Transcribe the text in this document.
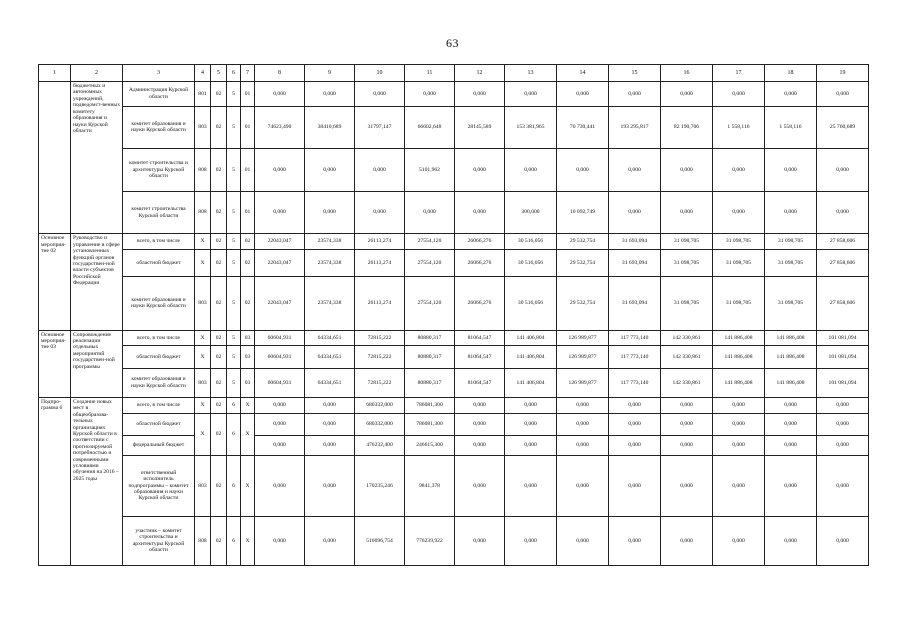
63
1	2	3	4	5	6	7	8	9	10	11	12	13	14	15	16	17	18	19
	бюджетных и автономных учреждений, подведомст-венных комитету образования и науки Курской области	Администрация Курской области	801	02	5	01	0,000	0,000	0,000	0,000	0,000	0,000	0,000	0,000	0,000	0,000	0,000	0,000
		комитет образования и науки Курской области	803	02	5	01	74623,490	38410,689	31797,147	66602,648	28145,589	153 381,965	70 730,441	193 295,817	82 190,706	1 558,116	1 558,116	25 760,689
		комитет строительства и архитектуры Курской области	808	02	5	01	0,000	0,000	0,000	5101,962	0,000	0,000	0,000	0,000	0,000	0,000	0,000	0,000
		комитет строительства Курской области	808	02	5	01	0,000	0,000	0,000	0,000	0,000	300,000	10 092,749	0,000	0,000	0,000	0,000	0,000
Основное мероприя-тие 02	Руководство и управление в сфере установленных функций органов государствен-ной власти субъектов Российской Федерации	всего, в том числе	X	02	5	02	22043,047	23574,338	26113,274	27554,120	26066,276	30 516,056	29 532,754	31 693,094	31 098,705	31 098,705	31 098,705	27 858,606
		областной бюджет	X	02	5	02	22043,047	23574,338	26113,274	27554,120	26066,276	30 516,056	29 532,754	31 693,094	31 098,705	31 098,705	31 098,705	27 858,606
		комитет образования и науки Курской области	803	02	5	02	22043,047	23574,338	26113,274	27554,120	26066,276	30 516,056	29 532,754	31 693,094	31 098,705	31 098,705	31 098,705	27 858,606
Основное мероприя-тие 03	Сопровождение реализации отдельных мероприятий государствен-ной программы	всего, в том числе	X	02	5	03	60604,931	64334,651	72815,222	80880,317	81064,547	141 406,804	126 989,877	117 773,140	142 330,861	141 886,408	141 886,408	101 081,094
		областной бюджет	X	02	5	03	60604,931	64334,651	72815,222	80880,317	81064,547	141 406,804	126 989,877	117 773,140	142 330,861	141 886,408	141 886,408	101 081,094
		комитет образования и науки Курской области	803	02	5	03	60604,931	64334,651	72815,222	80880,317	81064,547	141 406,804	126 989,877	117 773,140	142 330,861	141 886,408	141 886,408	101 081,094
Подпро-грамма 6	Создание новых мест в общеобразова-тельных организациях Курской области в соответствии с прогнозируемой потребностью и современными условиями обучения на 2016 – 2025 годы	всего, в том числе	X	02	6	X	0,000	0,000	680332,000	786081,300	0,000	0,000	0,000	0,000	0,000	0,000	0,000	0,000
		областной бюджет	X	02	6	X	0,000	0,000	680332,000	786081,300	0,000	0,000	0,000	0,000	0,000	0,000	0,000	0,000
		федеральный бюджет					0,000	0,000	476232,400	246615,300	0,000	0,000	0,000	0,000	0,000	0,000	0,000	0,000
		ответственный исполнитель подпрограммы – комитет образования и науки Курской области	803	02	6	X	0,000	0,000	170235,246	9841,378	0,000	0,000	0,000	0,000	0,000	0,000	0,000	0,000
		участник – комитет строительства и архитектуры Курской области	808	02	6	X	0,000	0,000	510096,754	776239,922	0,000	0,000	0,000	0,000	0,000	0,000	0,000	0,000
